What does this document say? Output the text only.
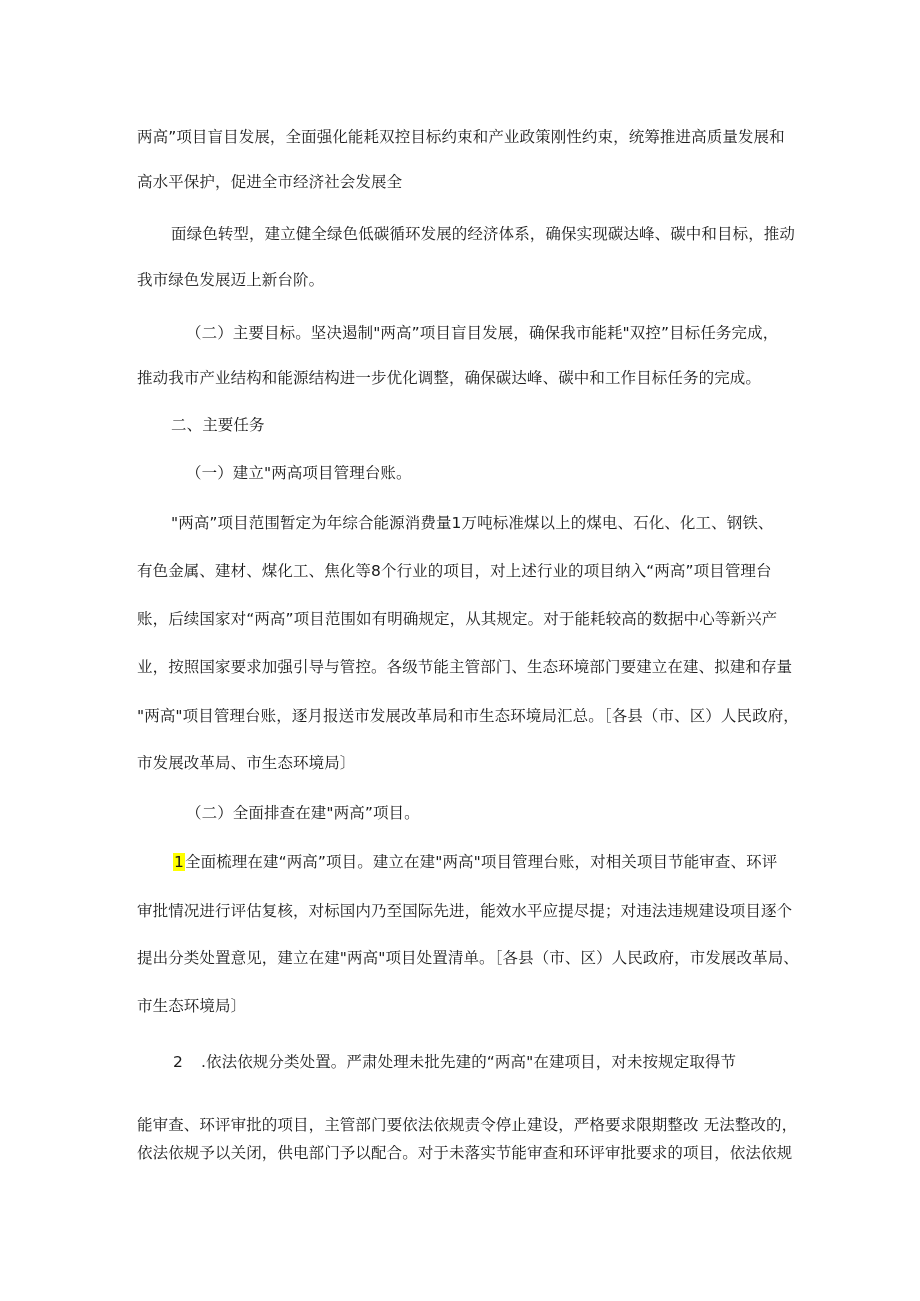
两高”项目盲目发展，全面强化能耗双控目标约束和产业政策刚性约束，统筹推进高质量发展和
高水平保护，促进全市经济社会发展全
面绿色转型，建立健全绿色低碳循环发展的经济体系，确保实现碳达峰、碳中和目标，推动
我市绿色发展迈上新台阶。
（二）主要目标。坚决遏制"两高”项目盲目发展，确保我市能耗"双控”目标任务完成，
推动我市产业结构和能源结构进一步优化调整，确保碳达峰、碳中和工作目标任务的完成。
二、主要任务
（一）建立"两高项目管理台账。
"两高”项目范围暂定为年综合能源消费量1万吨标准煤以上的煤电、石化、化工、钢铁、
有色金属、建材、煤化工、焦化等8个行业的项目，对上述行业的项目纳入“两高”项目管理台
账，后续国家对“两高”项目范围如有明确规定，从其规定。对于能耗较高的数据中心等新兴产
业，按照国家要求加强引导与管控。各级节能主管部门、生态环境部门要建立在建、拟建和存量
"两高"项目管理台账，逐月报送市发展改革局和市生态环境局汇总。［各县（市、区）人民政府，
市发展改革局、市生态环境局〕
（二）全面排查在建"两高”项目。
1全面梳理在建“两高”项目。建立在建"两高"项目管理台账，对相关项目节能审查、环评
审批情况进行评估复核，对标国内乃至国际先进，能效水平应提尽提；对违法违规建设项目逐个
提出分类处置意见，建立在建"两高"项目处置清单。［各县（市、区）人民政府，市发展改革局、
市生态环境局〕
2 .依法依规分类处置。严肃处理未批先建的“两高"在建项目，对未按规定取得节
能审查、环评审批的项目，主管部门要依法依规责令停止建设，严格要求限期整改 无法整改的，
依法依规予以关闭，供电部门予以配合。对于未落实节能审查和环评审批要求的项目，依法依规
